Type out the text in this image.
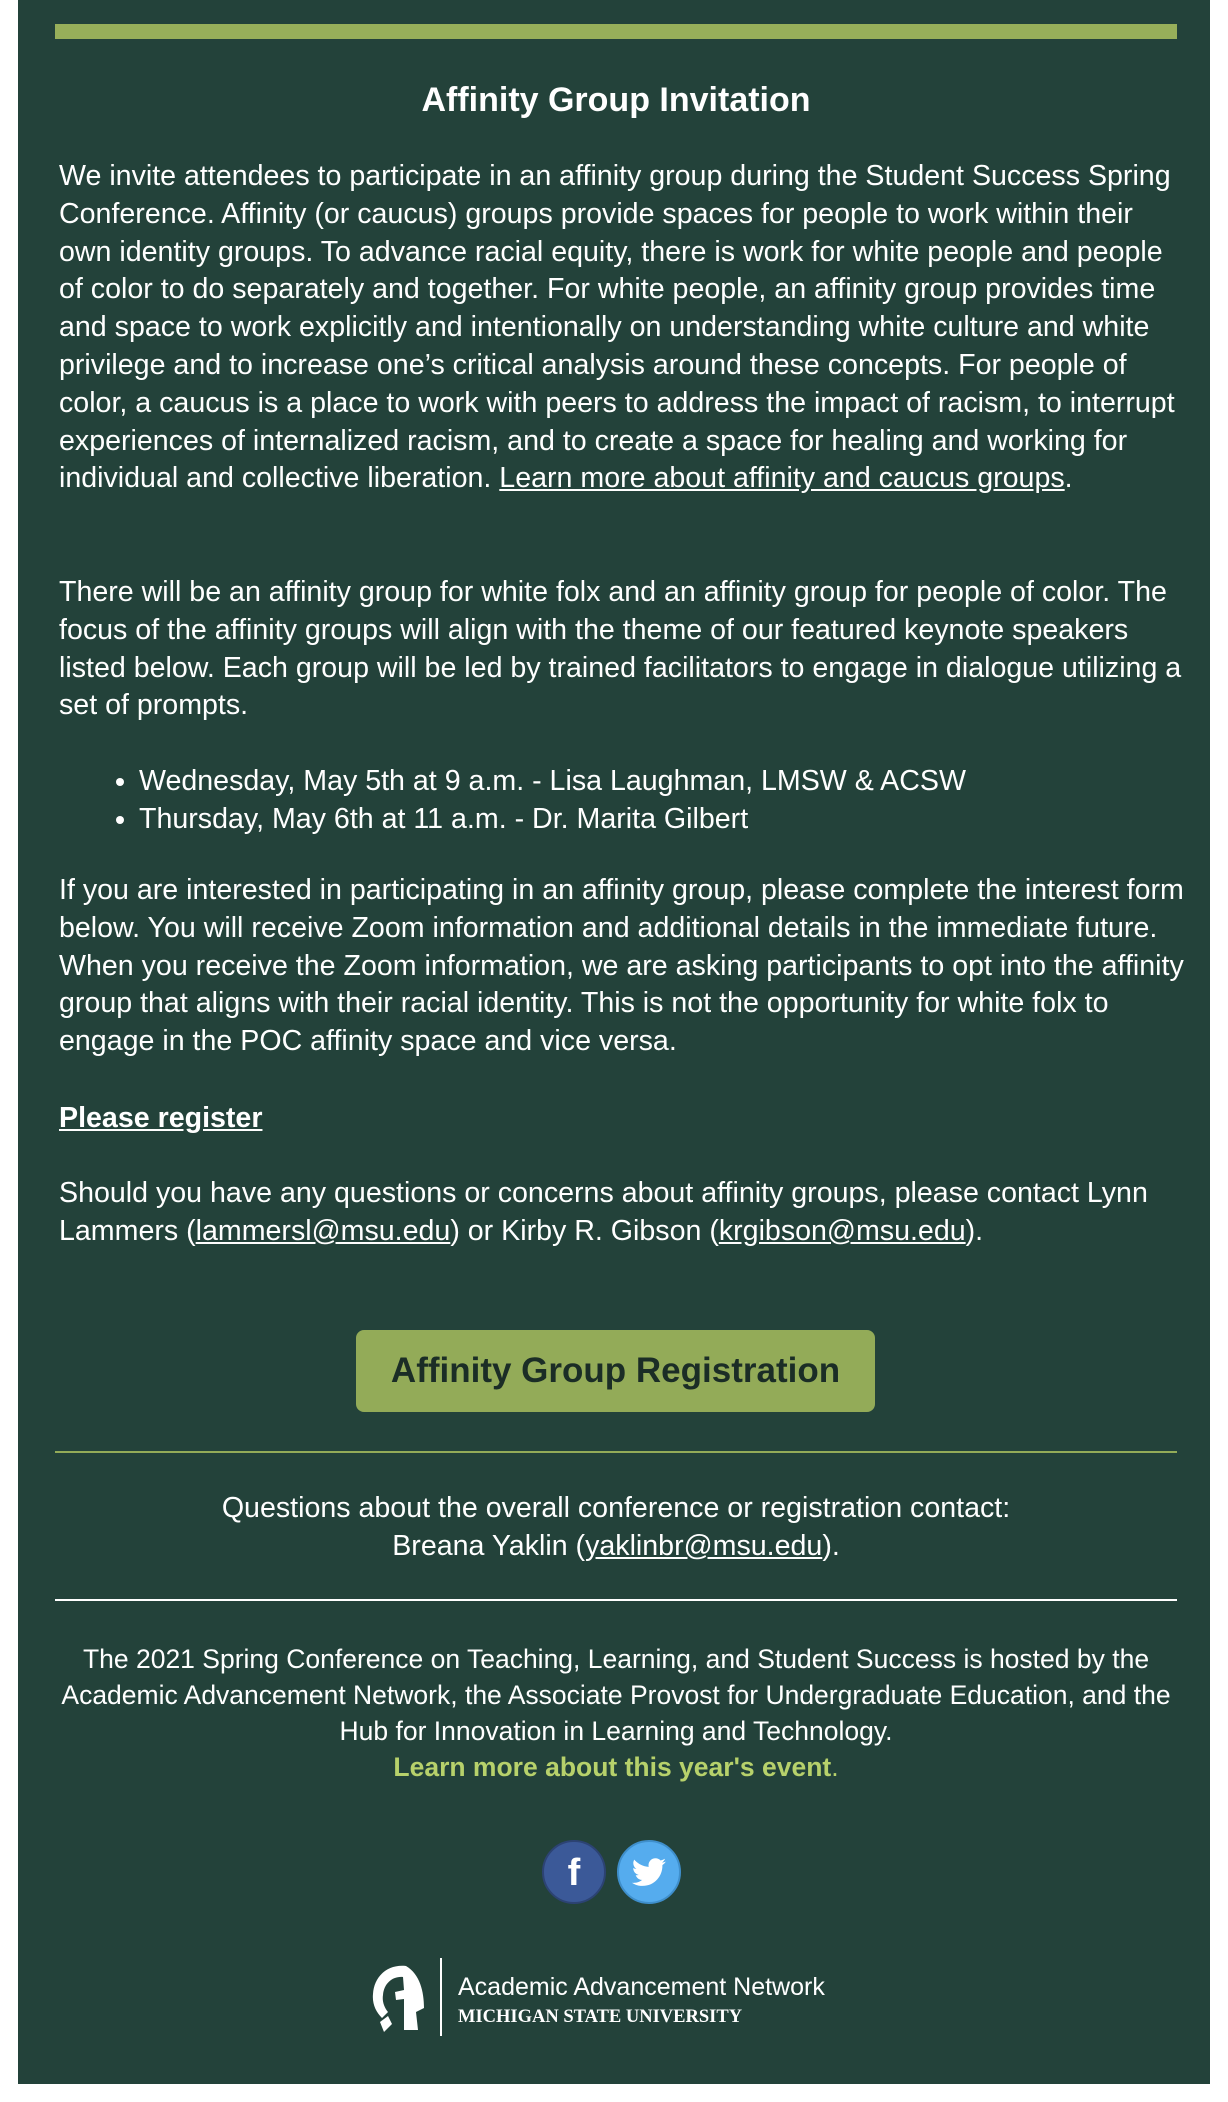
Affinity Group Invitation

We invite attendees to participate in an affinity group during the Student Success Spring Conference. Affinity (or caucus) groups provide spaces for people to work within their own identity groups. To advance racial equity, there is work for white people and people of color to do separately and together. For white people, an affinity group provides time and space to work explicitly and intentionally on understanding white culture and white privilege and to increase one’s critical analysis around these concepts. For people of color, a caucus is a place to work with peers to address the impact of racism, to interrupt experiences of internalized racism, and to create a space for healing and working for individual and collective liberation. Learn more about affinity and caucus groups.

There will be an affinity group for white folx and an affinity group for people of color. The focus of the affinity groups will align with the theme of our featured keynote speakers listed below. Each group will be led by trained facilitators to engage in dialogue utilizing a set of prompts.

• Wednesday, May 5th at 9 a.m. - Lisa Laughman, LMSW & ACSW
• Thursday, May 6th at 11 a.m. - Dr. Marita Gilbert

If you are interested in participating in an affinity group, please complete the interest form below. You will receive Zoom information and additional details in the immediate future. When you receive the Zoom information, we are asking participants to opt into the affinity group that aligns with their racial identity. This is not the opportunity for white folx to engage in the POC affinity space and vice versa.

Please register

Should you have any questions or concerns about affinity groups, please contact Lynn Lammers (lammersl@msu.edu) or Kirby R. Gibson (krgibson@msu.edu).

Affinity Group Registration
Questions about the overall conference or registration contact:
Breana Yaklin (yaklinbr@msu.edu).
The 2021 Spring Conference on Teaching, Learning, and Student Success is hosted by the Academic Advancement Network, the Associate Provost for Undergraduate Education, and the Hub for Innovation in Learning and Technology.
Learn more about this year's event.
f
Academic Advancement Network
MICHIGAN STATE UNIVERSITY
